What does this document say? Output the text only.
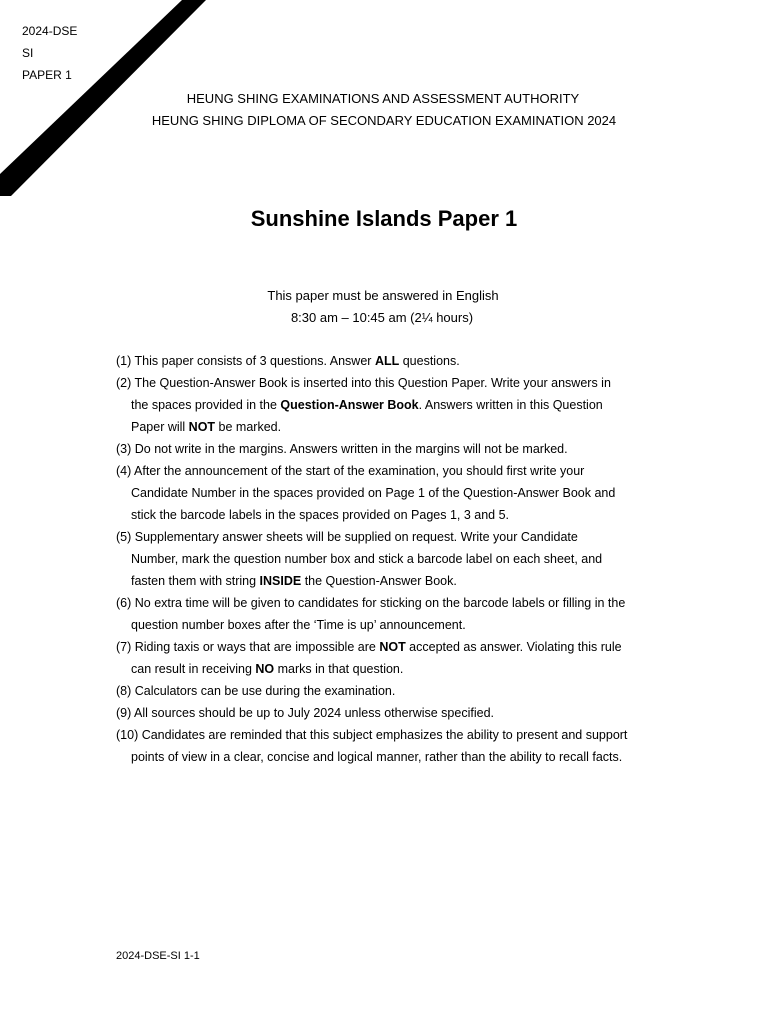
2024-DSE
SI
PAPER 1
HEUNG SHING EXAMINATIONS AND ASSESSMENT AUTHORITY
HEUNG SHING DIPLOMA OF SECONDARY EDUCATION EXAMINATION 2024
Sunshine Islands Paper 1
This paper must be answered in English
8:30 am – 10:45 am (2¼ hours)
(1) This paper consists of 3 questions. Answer ALL questions.
(2) The Question-Answer Book is inserted into this Question Paper. Write your answers in
the spaces provided in the Question-Answer Book. Answers written in this Question
Paper will NOT be marked.
(3) Do not write in the margins. Answers written in the margins will not be marked.
(4) After the announcement of the start of the examination, you should first write your
Candidate Number in the spaces provided on Page 1 of the Question-Answer Book and
stick the barcode labels in the spaces provided on Pages 1, 3 and 5.
(5) Supplementary answer sheets will be supplied on request. Write your Candidate
Number, mark the question number box and stick a barcode label on each sheet, and
fasten them with string INSIDE the Question-Answer Book.
(6) No extra time will be given to candidates for sticking on the barcode labels or filling in the
question number boxes after the ‘Time is up’ announcement.
(7) Riding taxis or ways that are impossible are NOT accepted as answer. Violating this rule
can result in receiving NO marks in that question.
(8) Calculators can be use during the examination.
(9) All sources should be up to July 2024 unless otherwise specified.
(10) Candidates are reminded that this subject emphasizes the ability to present and support
points of view in a clear, concise and logical manner, rather than the ability to recall facts.
2024-DSE-SI 1-1
